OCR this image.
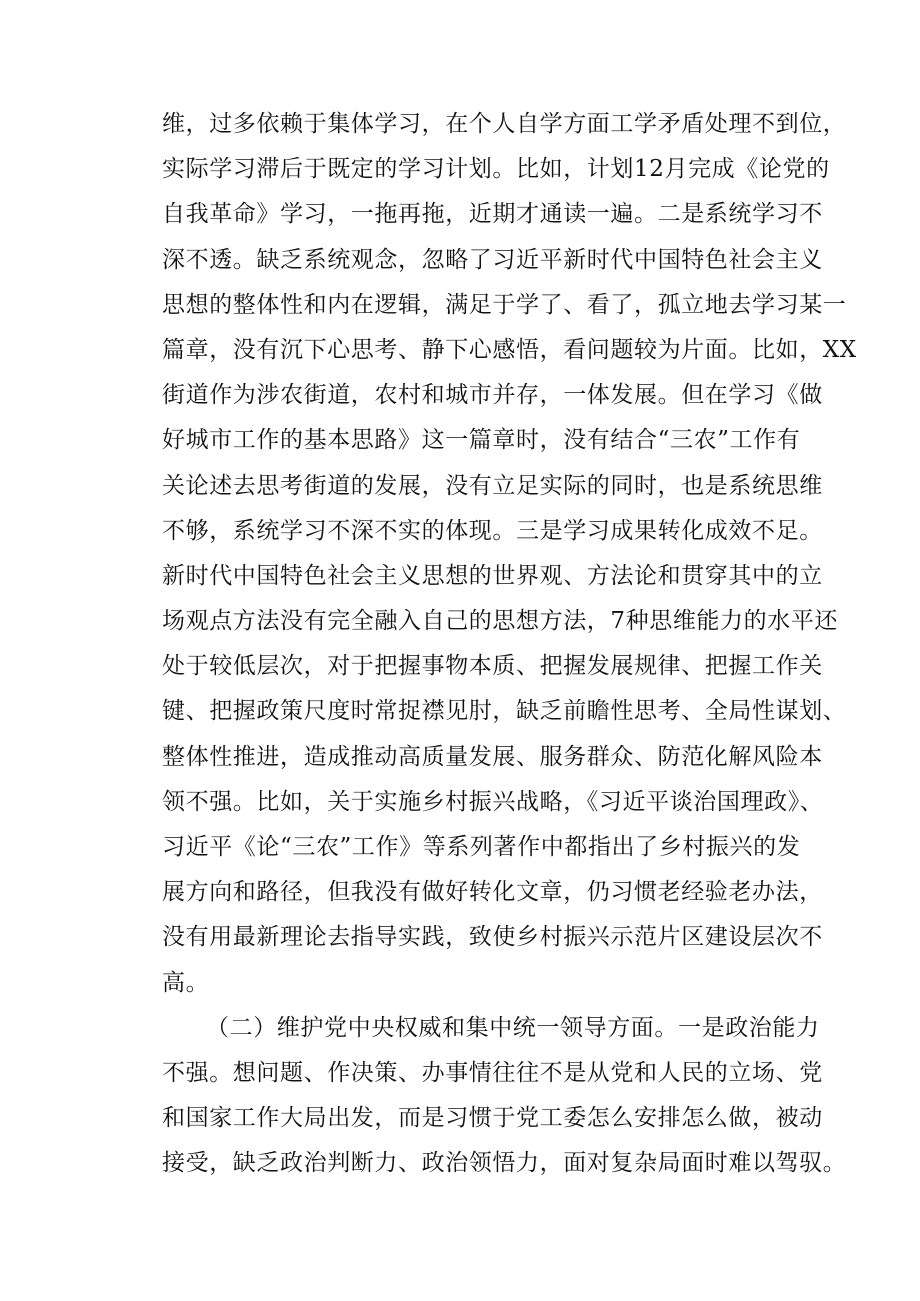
维，过多依赖于集体学习，在个人自学方面工学矛盾处理不到位，
实际学习滞后于既定的学习计划。比如，计划12月完成《论党的
自我革命》学习，一拖再拖，近期才通读一遍。二是系统学习不
深不透。缺乏系统观念，忽略了习近平新时代中国特色社会主义
思想的整体性和内在逻辑，满足于学了、看了，孤立地去学习某一
篇章，没有沉下心思考、静下心感悟，看问题较为片面。比如，XX
街道作为涉农街道，农村和城市并存，一体发展。但在学习《做
好城市工作的基本思路》这一篇章时，没有结合“三农”工作有
关论述去思考街道的发展，没有立足实际的同时，也是系统思维
不够，系统学习不深不实的体现。三是学习成果转化成效不足。
新时代中国特色社会主义思想的世界观、方法论和贯穿其中的立
场观点方法没有完全融入自己的思想方法，7种思维能力的水平还
处于较低层次，对于把握事物本质、把握发展规律、把握工作关
键、把握政策尺度时常捉襟见肘，缺乏前瞻性思考、全局性谋划、
整体性推进，造成推动高质量发展、服务群众、防范化解风险本
领不强。比如，关于实施乡村振兴战略，《习近平谈治国理政》、
习近平《论“三农”工作》等系列著作中都指出了乡村振兴的发
展方向和路径，但我没有做好转化文章，仍习惯老经验老办法，
没有用最新理论去指导实践，致使乡村振兴示范片区建设层次不
高。
（二）维护党中央权威和集中统一领导方面。一是政治能力
不强。想问题、作决策、办事情往往不是从党和人民的立场、党
和国家工作大局出发，而是习惯于党工委怎么安排怎么做，被动
接受，缺乏政治判断力、政治领悟力，面对复杂局面时难以驾驭。
